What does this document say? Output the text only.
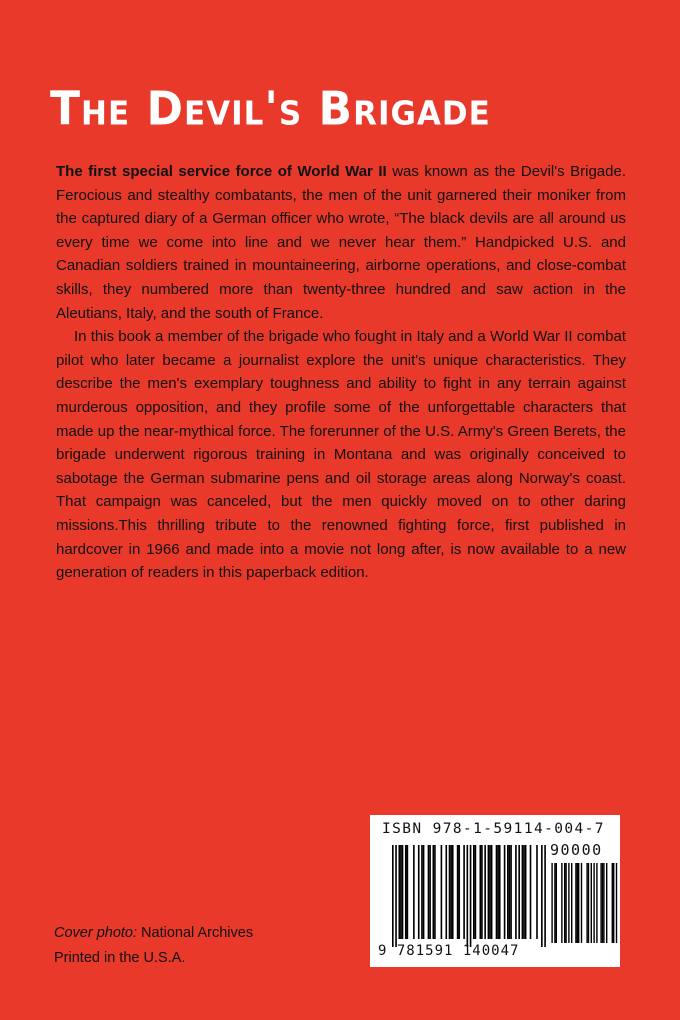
The Devil's Brigade

The first special service force of World War II was known as the Devil's Brigade. Ferocious and stealthy combatants, the men of the unit garnered their moniker from the captured diary of a German officer who wrote, “The black devils are all around us every time we come into line and we never hear them.” Handpicked U.S. and Canadian soldiers trained in mountaineering, airborne operations, and close-combat skills, they numbered more than twenty-three hundred and saw action in the Aleutians, Italy, and the south of France.

In this book a member of the brigade who fought in Italy and a World War II combat pilot who later became a journalist explore the unit's unique characteristics. They describe the men's exemplary toughness and ability to fight in any terrain against murderous opposition, and they profile some of the unforgettable characters that made up the near-mythical force. The forerunner of the U.S. Army's Green Berets, the brigade underwent rigorous training in Montana and was originally conceived to sabotage the German submarine pens and oil storage areas along Norway's coast. That campaign was canceled, but the men quickly moved on to other daring missions.This thrilling tribute to the renowned fighting force, first published in hardcover in 1966 and made into a movie not long after, is now available to a new generation of readers in this paperback edition.

Cover photo: National Archives
Printed in the U.S.A.
ISBN 978-1-59114-004-7
90000
9 781591 140047
